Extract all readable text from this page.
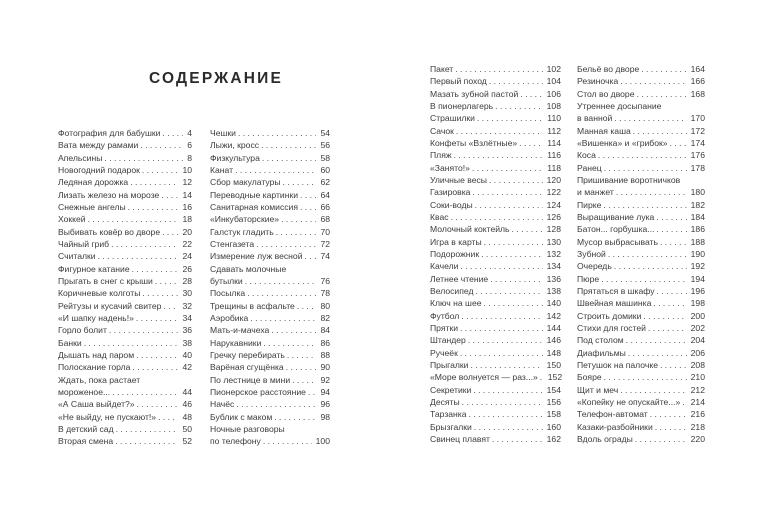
СОДЕРЖАНИЕ
Фотография для бабушки .....	4
Вата между рамами .....	6
Апельсины .....	8
Новогодний подарок .....	10
Ледяная дорожка .....	12
Лизать железо на морозе .....	14
Снежные ангелы .....	16
Хоккей .....	18
Выбивать ковёр во дворе .....	20
Чайный гриб .....	22
Считалки .....	24
Фигурное катание .....	26
Прыгать в снег с крыши .....	28
Коричневые колготы .....	30
Рейтузы и кусачий свитер ..... 32
«И шапку надень!» .....	34
Горло болит .....	36
Банки .....	38
Дышать над паром .....	40
Полоскание горла .....	42
Ждать, пока растает
мороженое... .....	44
«А Саша выйдет?» .....	46
«Не выйду, не пускают!» .....	48
В детский сад .....	50
Вторая смена .....	52
Чешки .....	54
Лыжи, кросс .....	56
Физкультура .....	58
Канат .....	60
Сбор макулатуры .....	62
Переводные картинки .....	64
Санитарная комиссия .....	66
«Инкубаторские» .....	68
Галстук гладить .....	70
Стенгазета .....	72
Измерение луж весной ..... 74
Сдавать молочные
бутылки .....	76
Посылка .....	78
Трещины в асфальте .....	80
Аэробика .....	82
Мать-и-мачеха .....	84
Нарукавники .....	86
Гречку перебирать .....	88
Варёная сгущёнка .....	90
По лестнице в мини .....	92
Пионерское расстояние ..... 94
Начёс .....	96
Бублик с маком .....	98
Ночные разговоры
по телефону .....	100
Пакет .....	102
Первый поход .....	104
Мазать зубной пастой .....	106
В пионерлагерь .....	108
Страшилки .....	110
Сачок .....	112
Конфеты «Взлётные» .....	114
Пляж .....	116
«Занято!» .....	118
Уличные весы .....	120
Газировка .....	122
Соки-воды .....	124
Квас .....	126
Молочный коктейль .....	128
Игра в карты .....	130
Подорожник .....	132
Качели .....	134
Летнее чтение .....	136
Велосипед .....	138
Ключ на шее .....	140
Футбол .....	142
Прятки .....	144
Штандер .....	146
Ручеёк .....	148
Прыгалки .....	150
«Море волнуется — раз...» ..... 152
Секретики .....	154
Десяты .....	156
Тарзанка .....	158
Брызгалки .....	160
Свинец плавят .....	162
Бельё во дворе .....	164
Резиночка .....	166
Стол во дворе .....	168
Утреннее досыпание
в ванной .....	170
Манная каша .....	172
«Вишенка» и «грибок» .....	174
Коса .....	176
Ранец .....	178
Пришивание воротничков
и манжет .....	180
Пирке .....	182
Выращивание лука .....	184
Батон... горбушка... .....	186
Мусор выбрасывать .....	188
Зубной .....	190
Очередь .....	192
Пюре .....	194
Прятаться в шкафу .....	196
Швейная машинка .....	198
Строить домики .....	200
Стихи для гостей .....	202
Под столом .....	204
Диафильмы .....	206
Петушок на палочке .....	208
Бояре .....	210
Щит и меч .....	212
«Копейку не опускайте...» ..... 214
Телефон-автомат .....	216
Казаки-разбойники .....	218
Вдоль ограды .....	220
